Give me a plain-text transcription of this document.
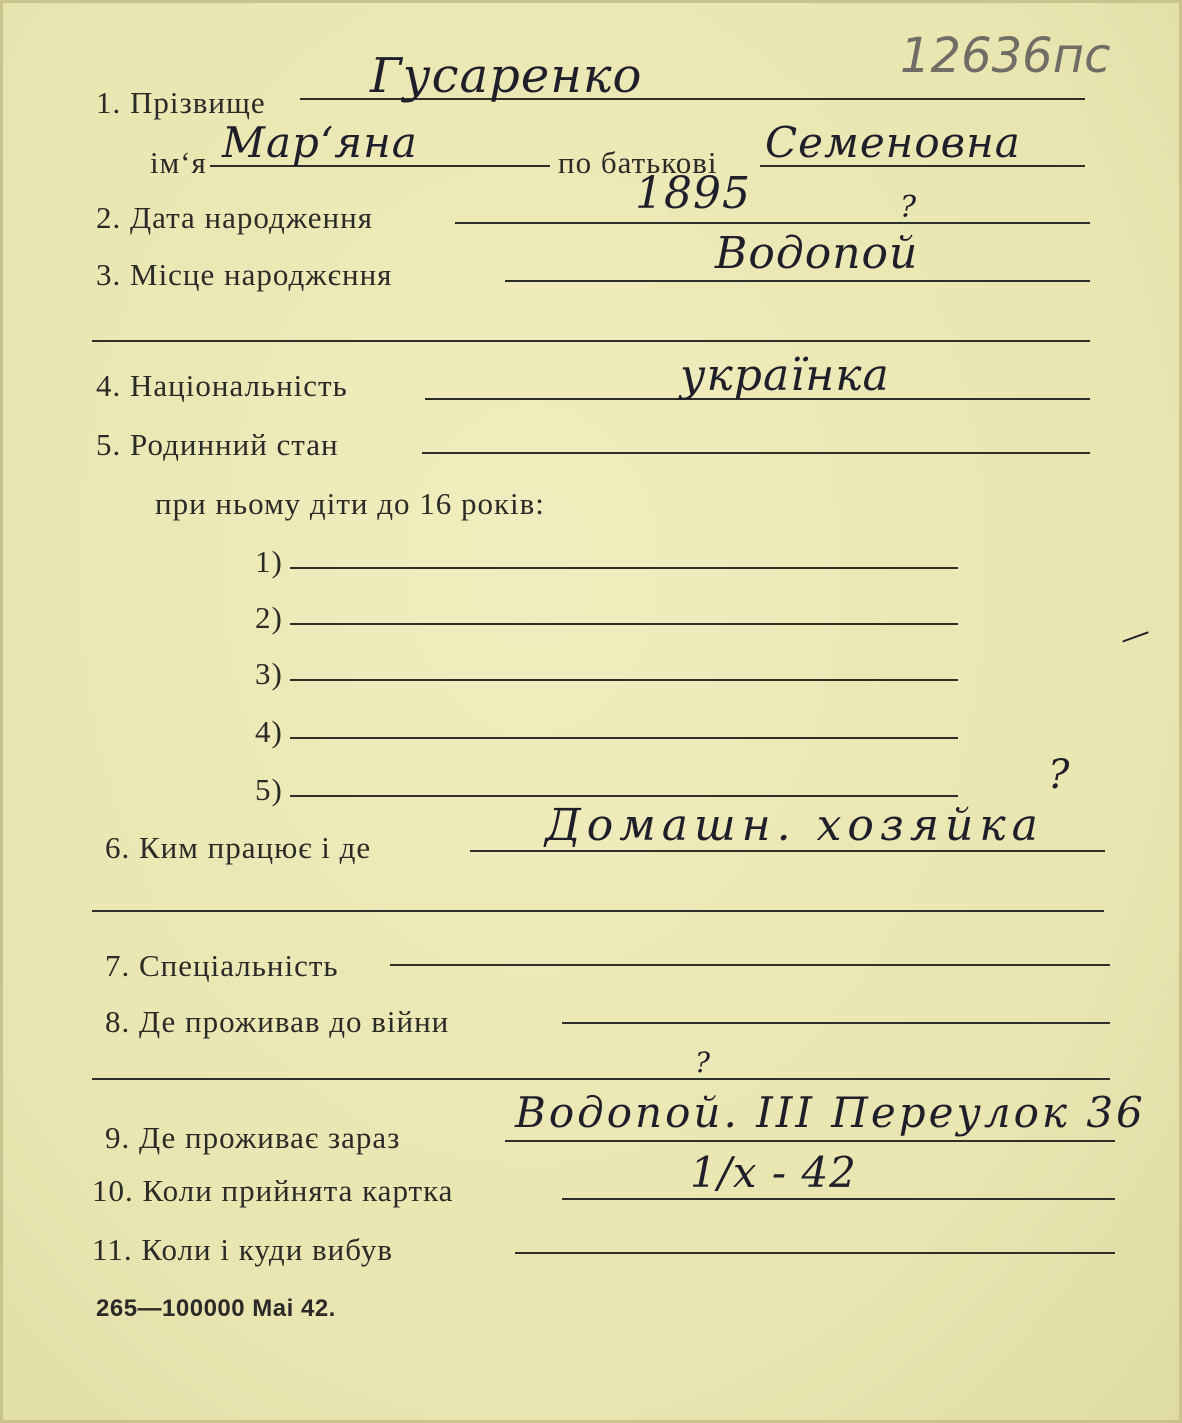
12636пс
1. Прізвище Гусаренко
ім‘я Мар‘яна	по батькові Семеновна
2. Дата народження	1895	?
3. Місце народжєння	Водопой
4. Національність	українка
5. Родинний стан
при ньому діти до 16 років:
1)
2)
3)
4)
5)
—
?
6. Ким працює і де	Домашн. хозяйка
7. Спеціальність
8. Де проживав до війни
?
9. Де проживає зараз
Водопой. III Переулок 36
10. Коли прийнята картка	1/x - 42
11. Коли і куди вибув
265—100000 Mai 42.
